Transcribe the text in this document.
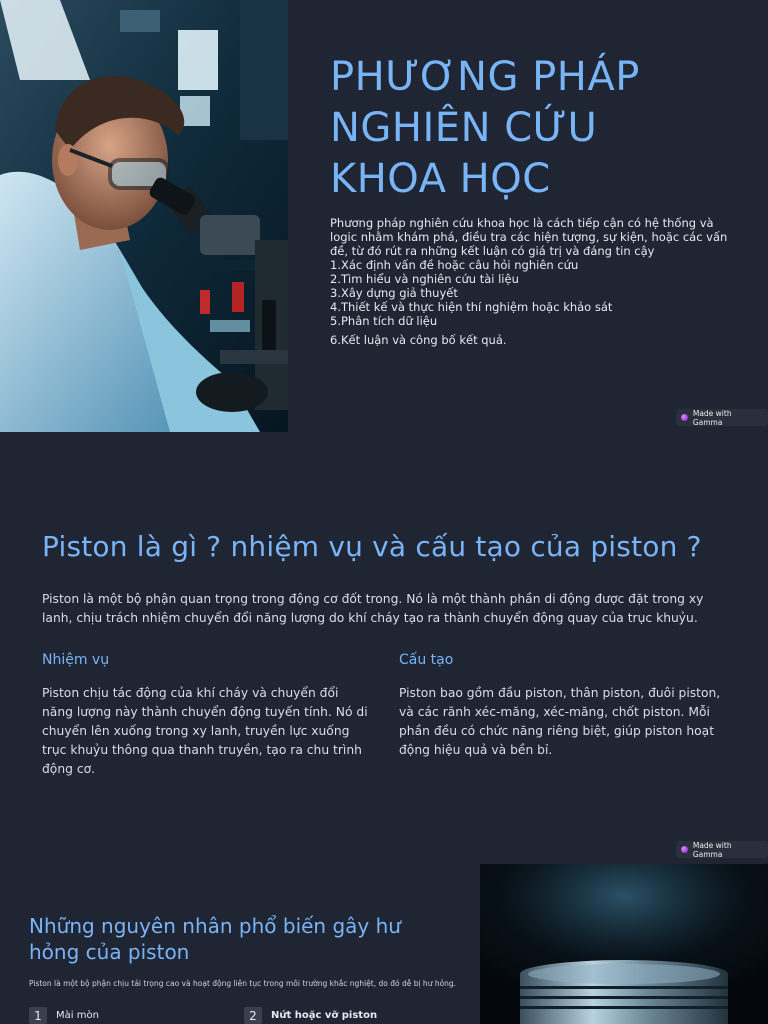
PHƯƠNG PHÁP
NGHIÊN CỨU
KHOA HỌC

Phương pháp nghiên cứu khoa học là cách tiếp cận có hệ thống và logic nhằm khám phá, điều tra các hiện tượng, sự kiện, hoặc các vấn đề, từ đó rút ra những kết luận có giá trị và đáng tin cậy

1.Xác định vấn đề hoặc câu hỏi nghiên cứu
2.Tìm hiểu và nghiên cứu tài liệu
3.Xây dựng giả thuyết
4.Thiết kế và thực hiện thí nghiệm hoặc khảo sát
5.Phân tích dữ liệu
6.Kết luận và công bố kết quả.
Made with Gamma
Piston là gì ? nhiệm vụ và cấu tạo của piston ?

Piston là một bộ phận quan trọng trong động cơ đốt trong. Nó là một thành phần di động được đặt trong xy lanh, chịu trách nhiệm chuyển đổi năng lượng do khí cháy tạo ra thành chuyển động quay của trục khuỷu.

Nhiệm vụ

Piston chịu tác động của khí cháy và chuyển đổi năng lượng này thành chuyển động tuyến tính. Nó di chuyển lên xuống trong xy lanh, truyền lực xuống trục khuỷu thông qua thanh truyền, tạo ra chu trình động cơ.

Cấu tạo

Piston bao gồm đầu piston, thân piston, đuôi piston, và các rãnh xéc-măng, xéc-măng, chốt piston. Mỗi phần đều có chức năng riêng biệt, giúp piston hoạt động hiệu quả và bền bỉ.

Made with Gamma
Những nguyên nhân phổ biến gây hư hỏng của piston

Piston là một bộ phận chịu tải trọng cao và hoạt động liên tục trong môi trường khắc nghiệt, do đó dễ bị hư hỏng.

1	Mài mòn	2	Nứt hoặc vỡ piston
